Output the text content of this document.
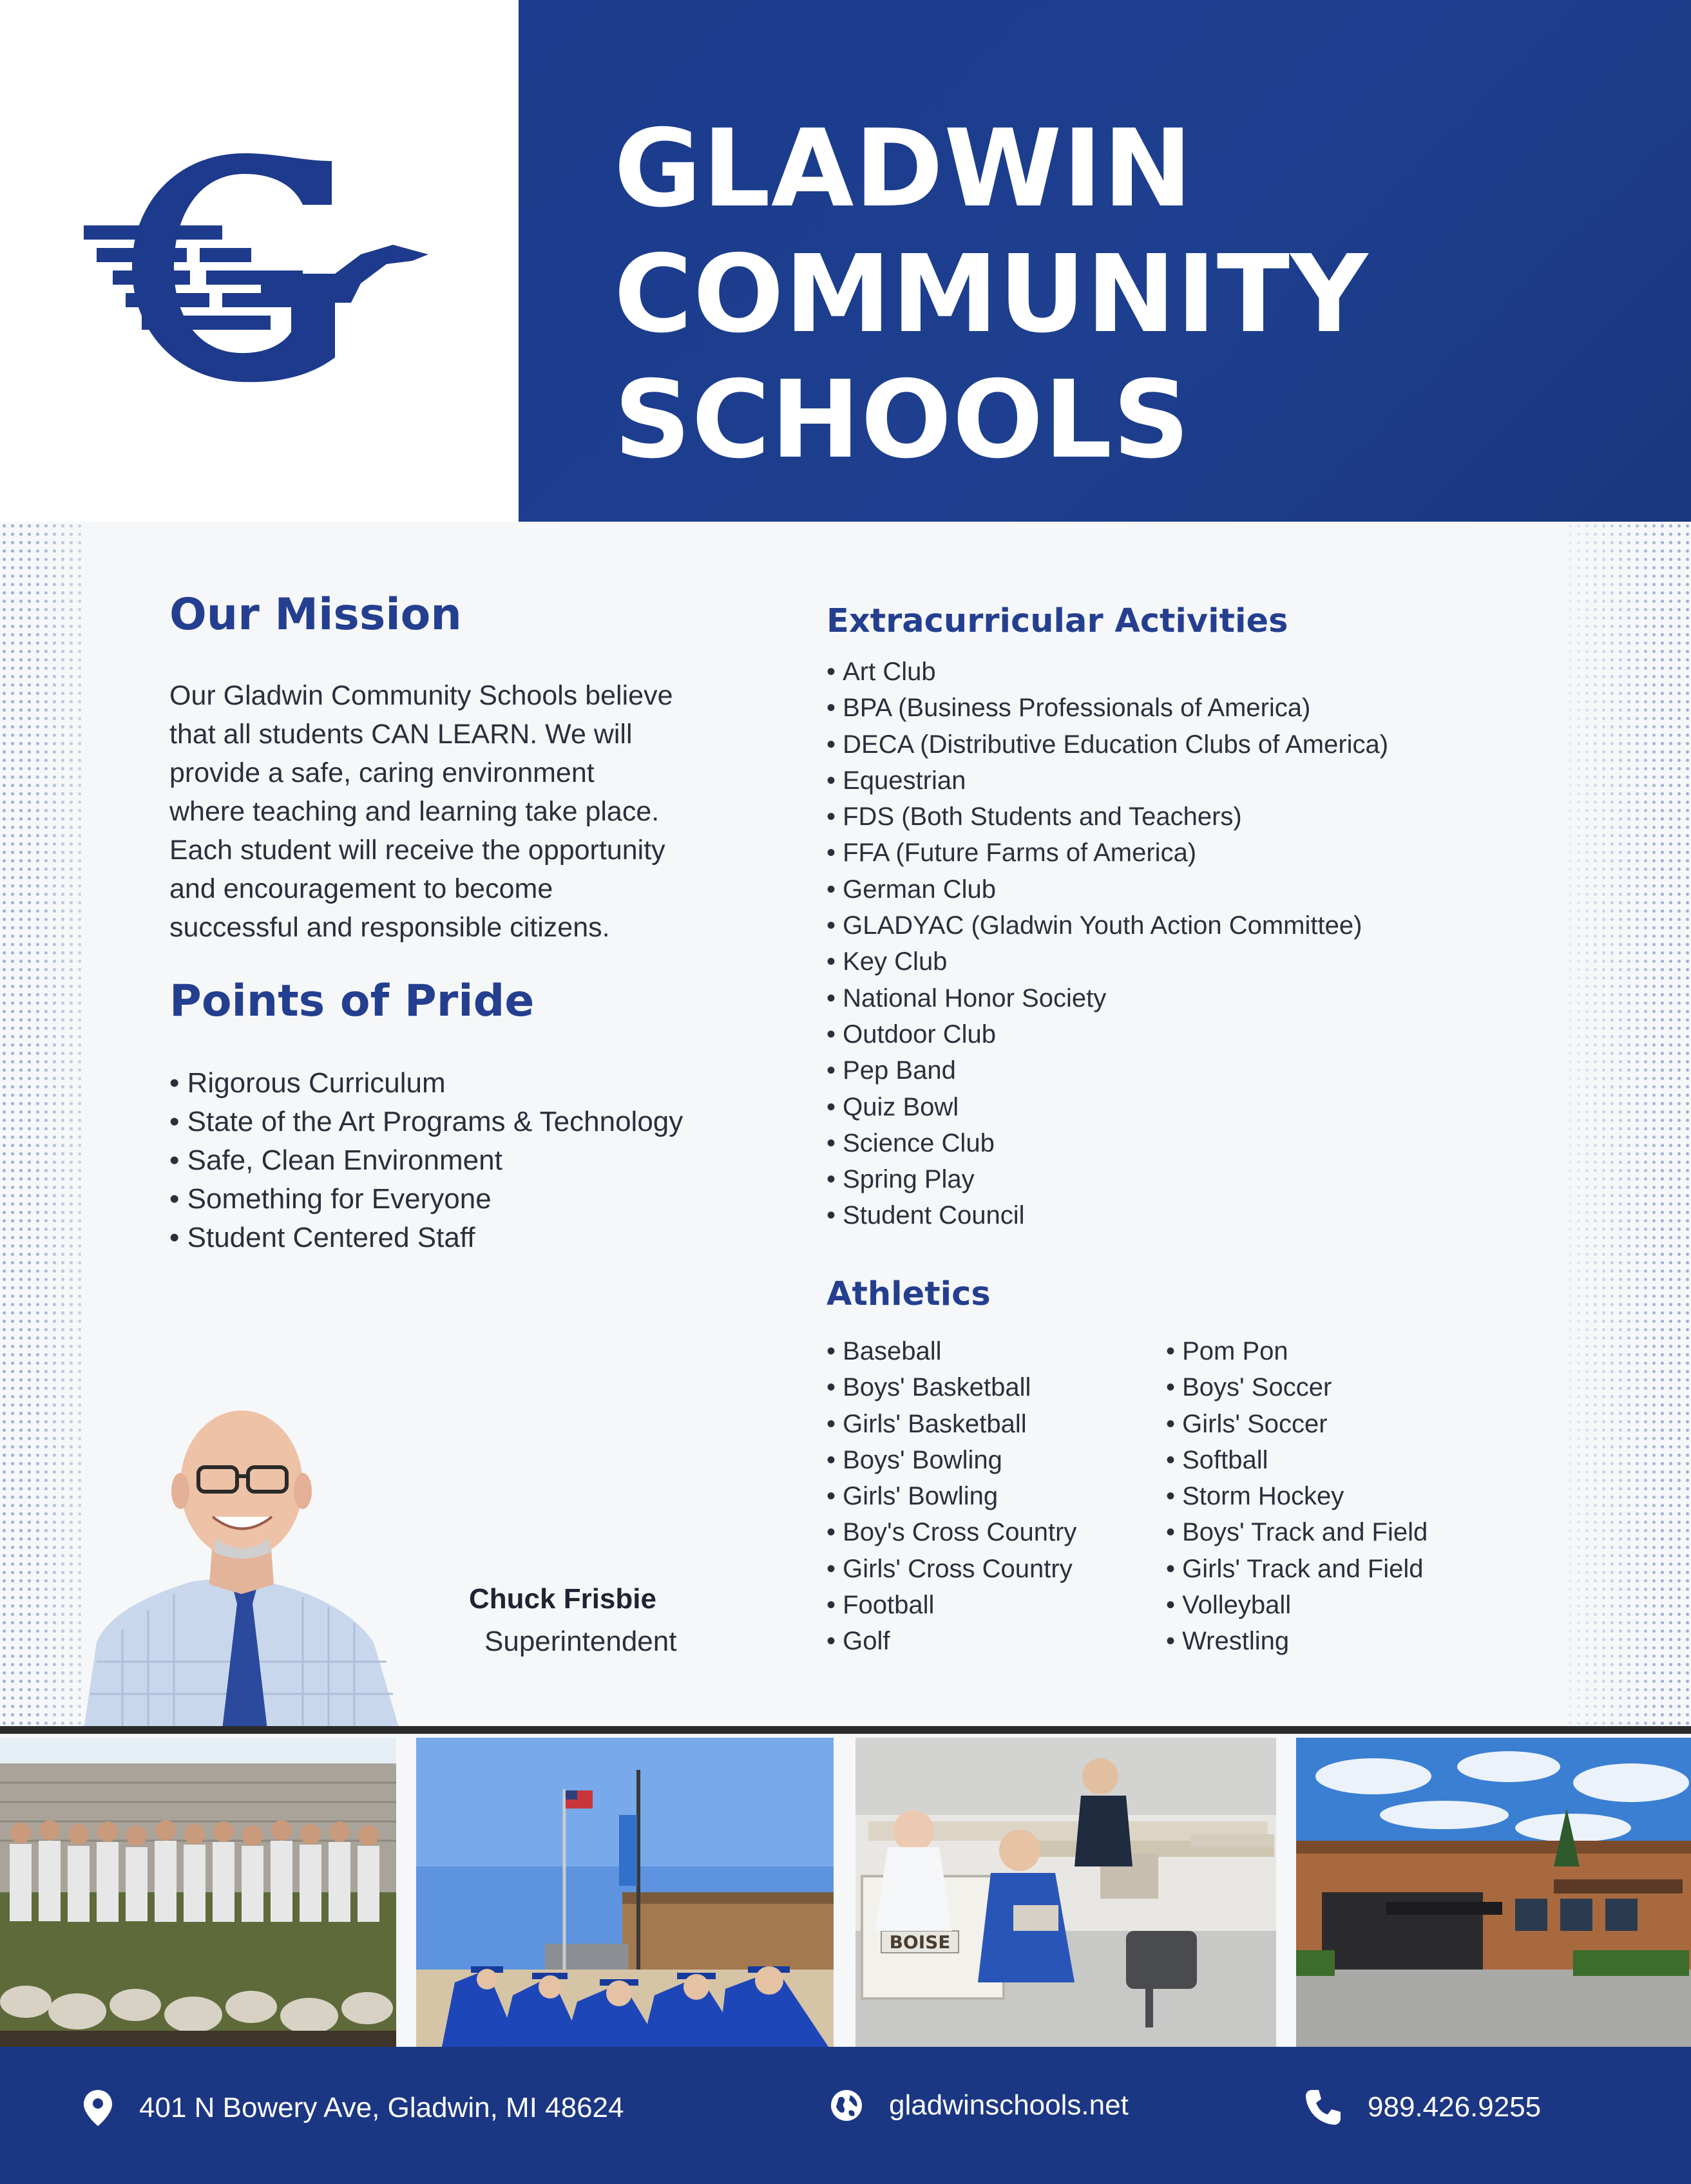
GLADWIN
COMMUNITY
SCHOOLS
Our Mission
Our Gladwin Community Schools believe
that all students CAN LEARN. We will
provide a safe, caring environment
where teaching and learning take place.
Each student will receive the opportunity
and encouragement to become
successful and responsible citizens.
Points of Pride
• Rigorous Curriculum
• State of the Art Programs & Technology
• Safe, Clean Environment
• Something for Everyone
• Student Centered Staff
Extracurricular Activities
• Art Club
• BPA (Business Professionals of America)
• DECA (Distributive Education Clubs of America)
• Equestrian
• FDS (Both Students and Teachers)
• FFA (Future Farms of America)
• German Club
• GLADYAC (Gladwin Youth Action Committee)
• Key Club
• National Honor Society
• Outdoor Club
• Pep Band
• Quiz Bowl
• Science Club
• Spring Play
• Student Council
Athletics
• Baseball
• Boys' Basketball
• Girls' Basketball
• Boys' Bowling
• Girls' Bowling
• Boy's Cross Country
• Girls' Cross Country
• Football
• Golf
• Pom Pon
• Boys' Soccer
• Girls' Soccer
• Softball
• Storm Hockey
• Boys' Track and Field
• Girls' Track and Field
• Volleyball
• Wrestling
Chuck Frisbie
Superintendent
BOISE
401 N Bowery Ave, Gladwin, MI 48624	gladwinschools.net	989.426.9255
